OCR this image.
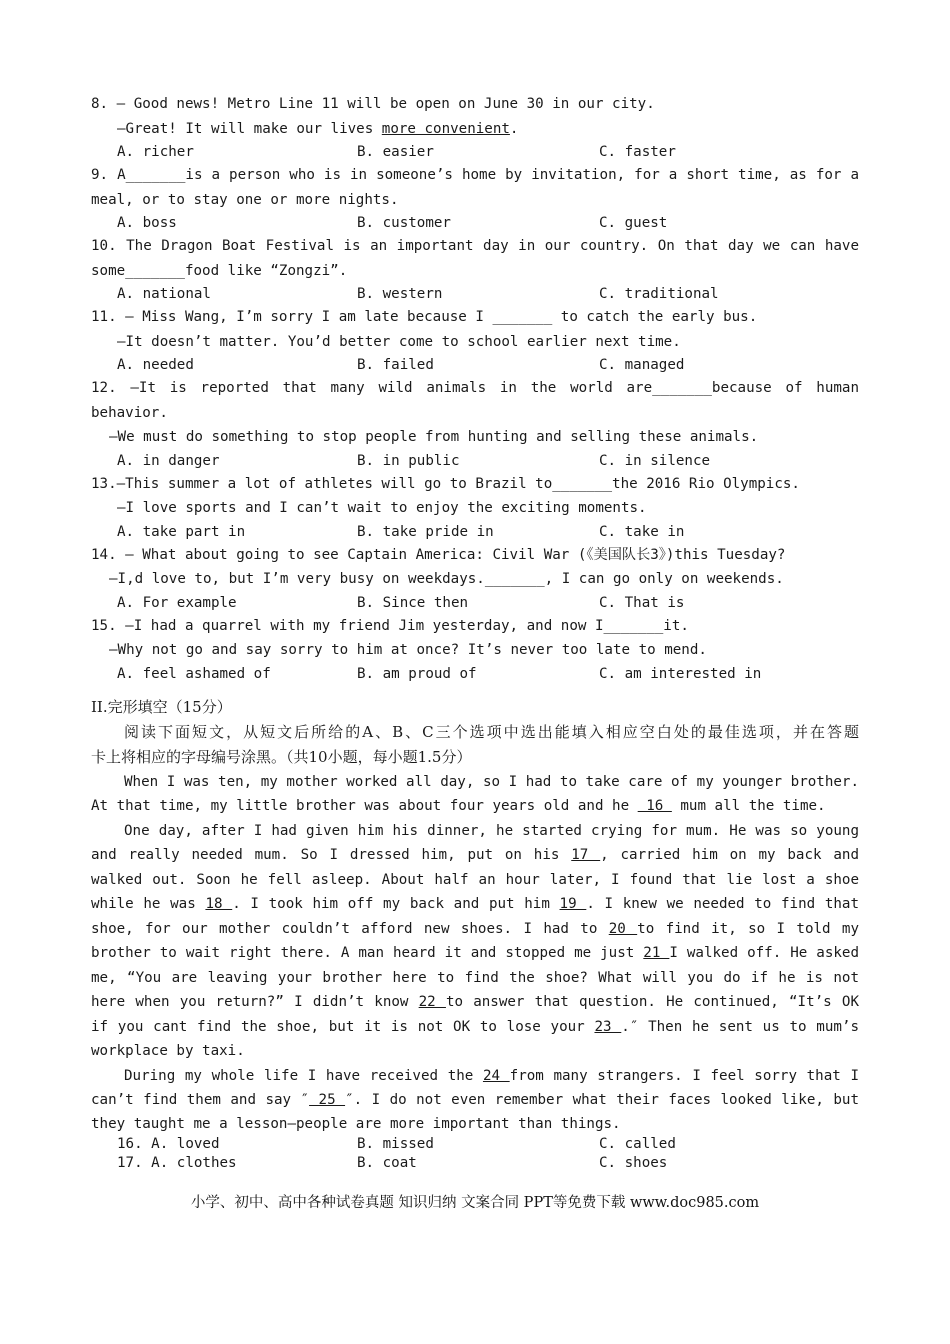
8. — Good news! Metro Line 11 will be open on June 30 in our city.
—Great! It will make our lives more convenient.
A. richer	B. easier	C. faster
9. A_______is a person who is in someone’s home by invitation, for a short time, as for a
meal, or to stay one or more nights.
A. boss	B. customer	C. guest
10. The Dragon Boat Festival is an important day in our country. On that day we can have
some_______food like “Zongzi”.
A. national	B. western	C. traditional
11. — Miss Wang, I’m sorry I am late because I _______ to catch the early bus.
—It doesn’t matter. You’d better come to school earlier next time.
A. needed	B. failed	C. managed
12. —It is reported that many wild animals in the world are_______because of human
behavior.
—We must do something to stop people from hunting and selling these animals.
A. in danger	B. in public	C. in silence
13.—This summer a lot of athletes will go to Brazil to_______the 2016 Rio Olympics.
—I love sports and I can’t wait to enjoy the exciting moments.
A. take part in	B. take pride in	C. take in
14. — What about going to see Captain America: Civil War (《美国队长3》)this Tuesday?
—I,d love to, but I’m very busy on weekdays._______, I can go only on weekends.
A. For example	B. Since then	C. That is
15. —I had a quarrel with my friend Jim yesterday, and now I_______it.
—Why not go and say sorry to him at once? It’s never too late to mend.
A. feel ashamed of	B. am proud of	C. am interested in
II.完形填空（15分）
阅读下面短文，从短文后所给的A、B、C三个选项中选出能填入相应空白处的最佳选项，并在答题
卡上将相应的字母编号涂黑。（共10小题，每小题1.5分）
When I was ten, my mother worked all day, so I had to take care of my younger brother.
At that time, my little brother was about four years old and he  16  mum all the time.
One day, after I had given him his dinner, he started crying for mum. He was so young
and really needed mum. So I dressed him, put on his 17 , carried him on my back and
walked out. Soon he fell asleep. About half an hour later, I found that lie lost a shoe
while he was 18 . I took him off my back and put him 19 . I knew we needed to find that
shoe, for our mother couldn’t afford new shoes. I had to 20 to find it, so I told my
brother to wait right there. A man heard it and stopped me just 21 I walked off. He asked
me, “You are leaving your brother here to find the shoe? What will you do if he is not
here when you return?” I didn’t know 22 to answer that question. He continued, “It’s OK
if you cant find the shoe, but it is not OK to lose your 23 .″ Then he sent us to mum’s
workplace by taxi.
During my whole life I have received the 24 from many strangers. I feel sorry that I
can’t find them and say ″ 25 ″. I do not even remember what their faces looked like, but
they taught me a lesson—people are more important than things.
16. A. loved	B. missed	C. called
17. A. clothes	B. coat	C. shoes
小学、初中、高中各种试卷真题 知识归纳 文案合同 PPT等免费下载 www.doc985.com
